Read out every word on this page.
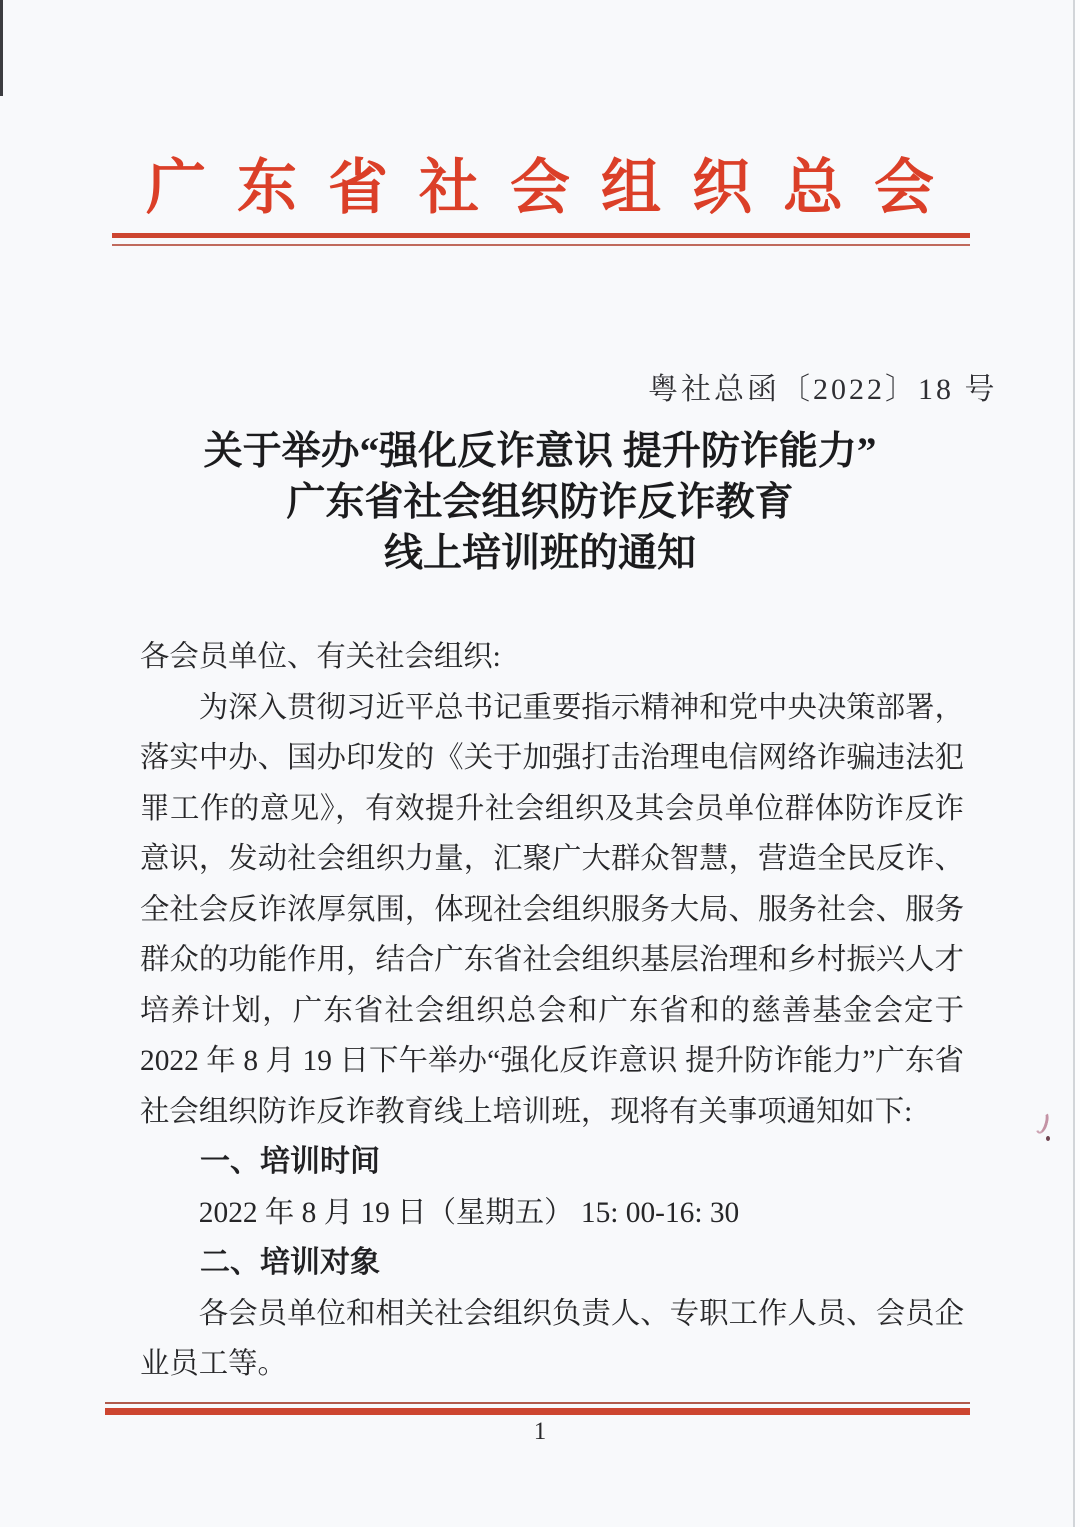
广东省社会组织总会
粤社总函〔2022〕18 号
关于举办“强化反诈意识 提升防诈能力”
广东省社会组织防诈反诈教育
线上培训班的通知

各会员单位、有关社会组织:

为深入贯彻习近平总书记重要指示精神和党中央决策部署，落实中办、国办印发的《关于加强打击治理电信网络诈骗违法犯罪工作的意见》，有效提升社会组织及其会员单位群体防诈反诈意识，发动社会组织力量，汇聚广大群众智慧，营造全民反诈、全社会反诈浓厚氛围，体现社会组织服务大局、服务社会、服务群众的功能作用，结合广东省社会组织基层治理和乡村振兴人才培养计划，广东省社会组织总会和广东省和的慈善基金会定于 2022 年 8 月 19 日下午举办“强化反诈意识 提升防诈能力”广东省社会组织防诈反诈教育线上培训班，现将有关事项通知如下:

一、培训时间

2022 年 8 月 19 日（星期五） 15: 00-16: 30

二、培训对象

各会员单位和相关社会组织负责人、专职工作人员、会员企业员工等。

1
